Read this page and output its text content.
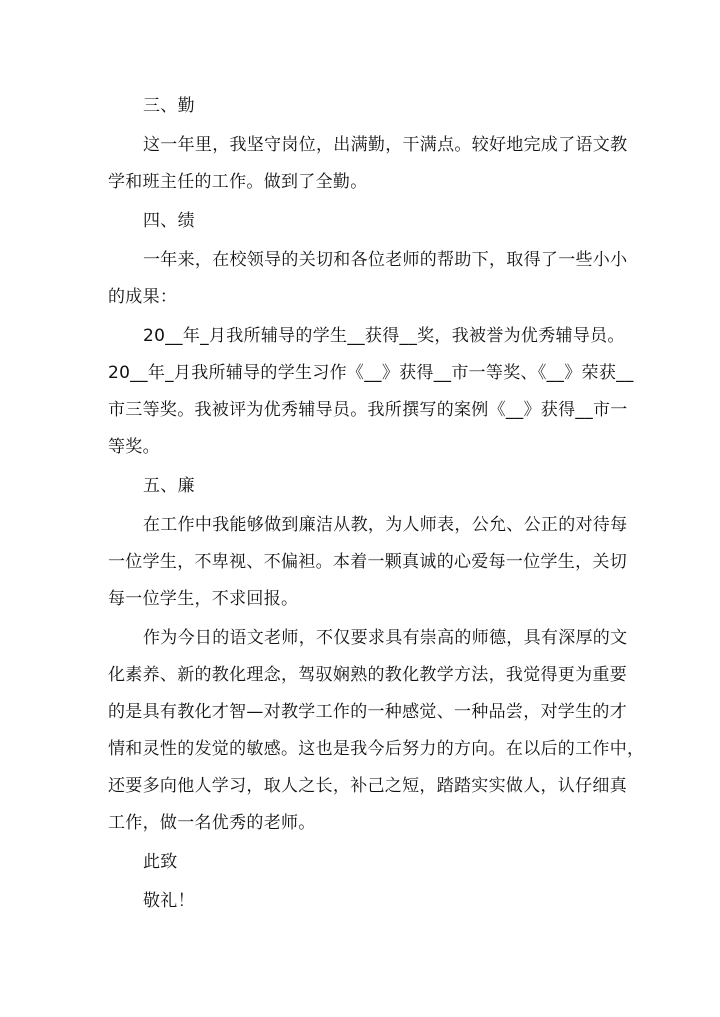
三、勤
这一年里，我坚守岗位，出满勤，干满点。较好地完成了语文教
学和班主任的工作。做到了全勤。
四、绩
一年来，在校领导的关切和各位老师的帮助下，取得了一些小小
的成果：
20__年_月我所辅导的学生__获得__奖，我被誉为优秀辅导员。
20__年_月我所辅导的学生习作《__》获得__市一等奖、《__》荣获__
市三等奖。我被评为优秀辅导员。我所撰写的案例《__》获得__市一
等奖。
五、廉
在工作中我能够做到廉洁从教，为人师表，公允、公正的对待每
一位学生，不卑视、不偏袒。本着一颗真诚的心爱每一位学生，关切
每一位学生，不求回报。
作为今日的语文老师，不仅要求具有崇高的师德，具有深厚的文
化素养、新的教化理念，驾驭娴熟的教化教学方法，我觉得更为重要
的是具有教化才智—对教学工作的一种感觉、一种品尝，对学生的才
情和灵性的发觉的敏感。这也是我今后努力的方向。在以后的工作中，
还要多向他人学习，取人之长，补己之短，踏踏实实做人，认仔细真
工作，做一名优秀的老师。
此致
敬礼！
